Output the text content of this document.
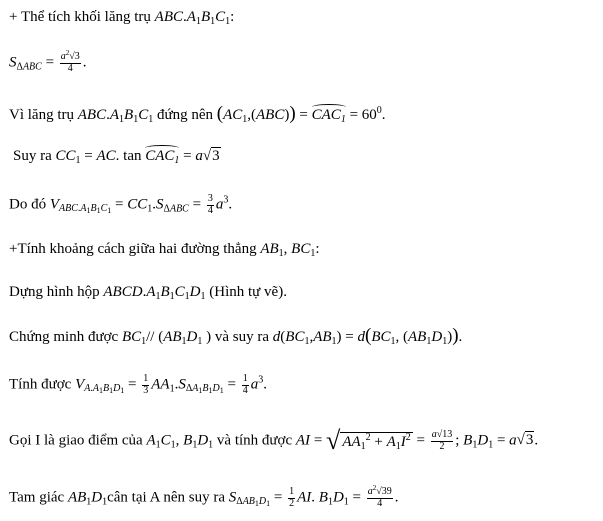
+ Thể tích khối lăng trụ $ABC.A_1B_1C_1$:
$S_{\Delta ABC} = \frac{a^2√3}{4}$ .
Vì lăng trụ $ABC.A_1B_1C_1$ đứng nên $(AC_1,(ABC)) = CAC_1 = 60^0$.
Suy ra $CC_1$ = AC. $\tan CAC_1 = a√3$
Do đó $V_{ABC.A_1B_1C_1} = CC_1.S_{\Delta ABC} = \frac{3}{4} a^3$.
+Tính khoảng cách giữa hai đường thẳng $AB_1$, $BC_1$:
Dựng hình hộp $ABCD.A_1B_1C_1D_1$ (Hình tự vẽ).
Chứng minh được $BC_1//$ ($AB_1D_1$ ) và suy ra $d(BC_1,AB_1) = d(BC_1$, $(AB_1D_1)$).
Tính được $V_{A.A_1B_1D_1} = \frac{1}{3} AA_1.S_{\Delta A_1B_1D_1} = \frac{1}{4} a^3$.
Gọi I là giao điểm của $A_1C_1$, $B_1D_1$ và tính được AI = √ $AA_1^2 + A_1I^2 = \frac{a√13}{2}$ ; $B_1D_1 = a√3$.
Tam giác $AB_1D_1cân$ tại A nên suy ra $S_{\Delta AB_1D_1} = \frac{1}{2}$ AI. $B_1D_1 = \frac{a^2√39}{4}$ .
